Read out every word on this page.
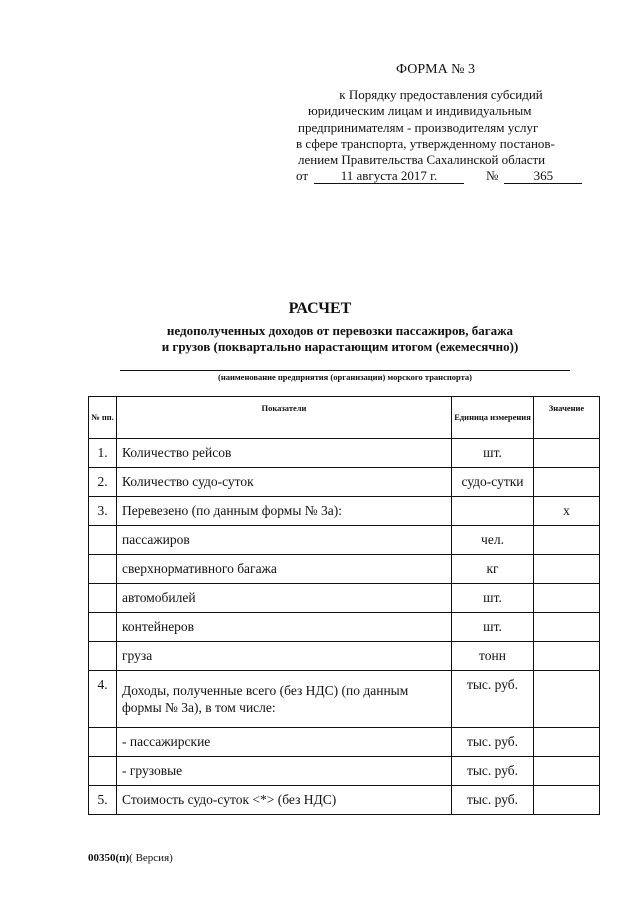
ФОРМА № 3
к Порядку предоставления субсидий
юридическим лицам и индивидуальным
предпринимателям - производителям услуг
в сфере транспорта, утвержденному постанов-
лением Правительства Сахалинской области
от	11 августа 2017 г.	№	365
РАСЧЕТ
недополученных доходов от перевозки пассажиров, багажа
и грузов (поквартально нарастающим итогом (ежемесячно))
(наименование предприятия (организации) морского транспорта)
№ пп.	Показатели	Единица измерения	Значение
1.	Количество рейсов	шт.	
2.	Количество судо-суток	судо-сутки	
3.	Перевезено (по данным формы № 3а):		x
	пассажиров	чел.	
	сверхнормативного багажа	кг	
	автомобилей	шт.	
	контейнеров	шт.	
	груза	тонн	
4.	Доходы, полученные всего (без НДС) (по данным формы № 3а), в том числе:	тыс. руб.	
	- пассажирские	тыс. руб.	
	- грузовые	тыс. руб.	
5.	Стоимость судо-суток <*> (без НДС)	тыс. руб.	
00350(п)( Версия)
